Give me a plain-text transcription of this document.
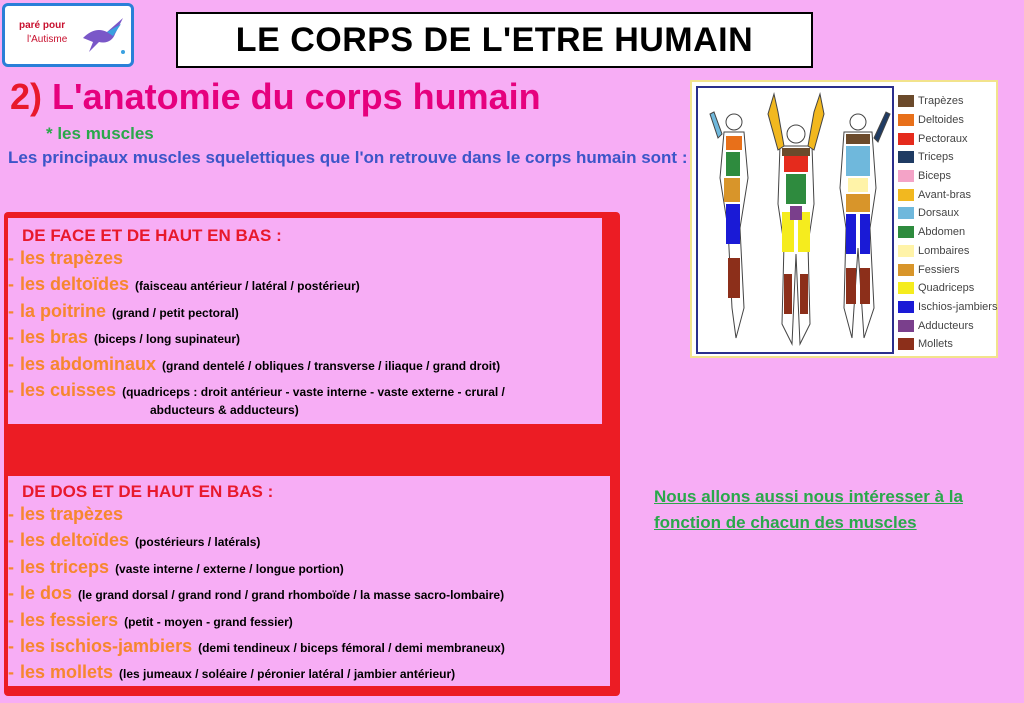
paré pour
l'Autisme	LE CORPS DE L'ETRE HUMAIN
2) L'anatomie du corps humain
* les muscles
Les principaux muscles squelettiques que l'on retrouve dans le corps humain sont :
DE FACE ET DE HAUT EN BAS :
- les trapèzes
- les deltoïdes (faisceau antérieur / latéral / postérieur)
- la poitrine (grand / petit pectoral)
- les bras (biceps / long supinateur)
- les abdominaux (grand dentelé / obliques / transverse / iliaque / grand droit)
- les cuisses (quadriceps : droit antérieur - vaste interne - vaste externe - crural /
abducteurs & adducteurs)
DE DOS ET DE HAUT EN BAS :
- les trapèzes
- les deltoïdes (postérieurs / latérals)
- les triceps (vaste interne / externe / longue portion)
- le dos (le grand dorsal / grand rond / grand rhomboïde / la masse sacro-lombaire)
- les fessiers (petit - moyen - grand fessier)
- les ischios-jambiers (demi tendineux / biceps fémoral / demi membraneux)
- les mollets (les jumeaux / soléaire / péronier latéral / jambier antérieur)
Trapèzes
Deltoides
Pectoraux
Triceps
Biceps
Avant-bras
Dorsaux
Abdomen
Lombaires
Fessiers
Quadriceps
Ischios-jambiers
Adducteurs
Mollets
Nous allons aussi nous intéresser à la fonction de chacun des muscles
